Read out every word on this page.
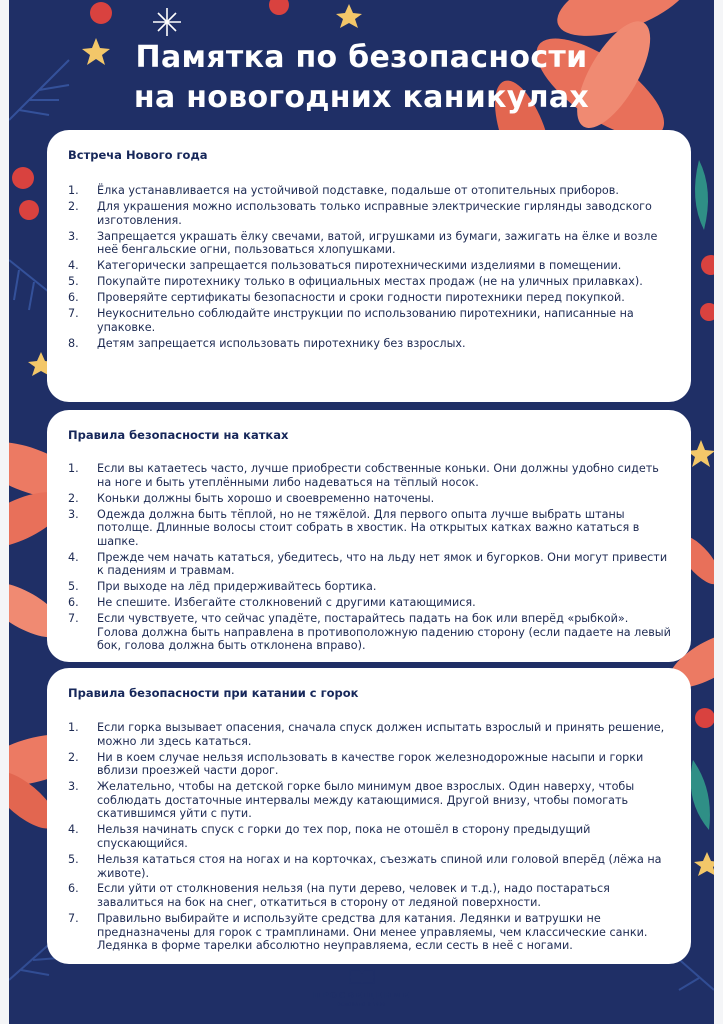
Памятка по безопасности
на новогодних каникулах
Встреча Нового года
1.	Ёлка устанавливается на устойчивой подставке, подальше от отопительных приборов.
2.	Для украшения можно использовать только исправные электрические гирлянды заводского изготовления.
3.	Запрещается украшать ёлку свечами, ватой, игрушками из бумаги, зажигать на ёлке и возле неё бенгальские огни, пользоваться хлопушками.
4.	Категорически запрещается пользоваться пиротехническими изделиями в помещении.
5.	Покупайте пиротехнику только в официальных местах продаж (не на уличных прилавках).
6.	Проверяйте сертификаты безопасности и сроки годности пиротехники перед покупкой.
7.	Неукоснительно соблюдайте инструкции по использованию пиротехники, написанные на упаковке.
8.	Детям запрещается использовать пиротехнику без взрослых.
Правила безопасности на катках
1.	Если вы катаетесь часто, лучше приобрести собственные коньки. Они должны удобно сидеть на ноге и быть утеплёнными либо надеваться на тёплый носок.
2.	Коньки должны быть хорошо и своевременно наточены.
3.	Одежда должна быть тёплой, но не тяжёлой. Для первого опыта лучше выбрать штаны потолще. Длинные волосы стоит собрать в хвостик. На открытых катках важно кататься в шапке.
4.	Прежде чем начать кататься, убедитесь, что на льду нет ямок и бугорков. Они могут привести к падениям и травмам.
5.	При выходе на лёд придерживайтесь бортика.
6.	Не спешите. Избегайте столкновений с другими катающимися.
7.	Если чувствуете, что сейчас упадёте, постарайтесь падать на бок или вперёд «рыбкой». Голова должна быть направлена в противоположную падению сторону (если падаете на левый бок, голова должна быть отклонена вправо).
Правила безопасности при катании с горок
1.	Если горка вызывает опасения, сначала спуск должен испытать взрослый и принять решение, можно ли здесь кататься.
2.	Ни в коем случае нельзя использовать в качестве горок железнодорожные насыпи и горки вблизи проезжей части дорог.
3.	Желательно, чтобы на детской горке было минимум двое взрослых. Один наверху, чтобы соблюдать достаточные интервалы между катающимися. Другой внизу, чтобы помогать скатившимся уйти с пути.
4.	Нельзя начинать спуск с горки до тех пор, пока не отошёл в сторону предыдущий спускающийся.
5.	Нельзя кататься стоя на ногах и на корточках, съезжать спиной или головой вперёд (лёжа на животе).
6.	Если уйти от столкновения нельзя (на пути дерево, человек и т.д.), надо постараться завалиться на бок на снег, откатиться в сторону от ледяной поверхности.
7.	Правильно выбирайте и используйте средства для катания. Ледянки и ватрушки не предназначены для горок с трамплинами. Они менее управляемы, чем классические санки. Ледянка в форме тарелки абсолютно неуправляема, если сесть в неё с ногами.
ПРОСВЕЩЕНИЕ
ОСНОВАНО В 1930
